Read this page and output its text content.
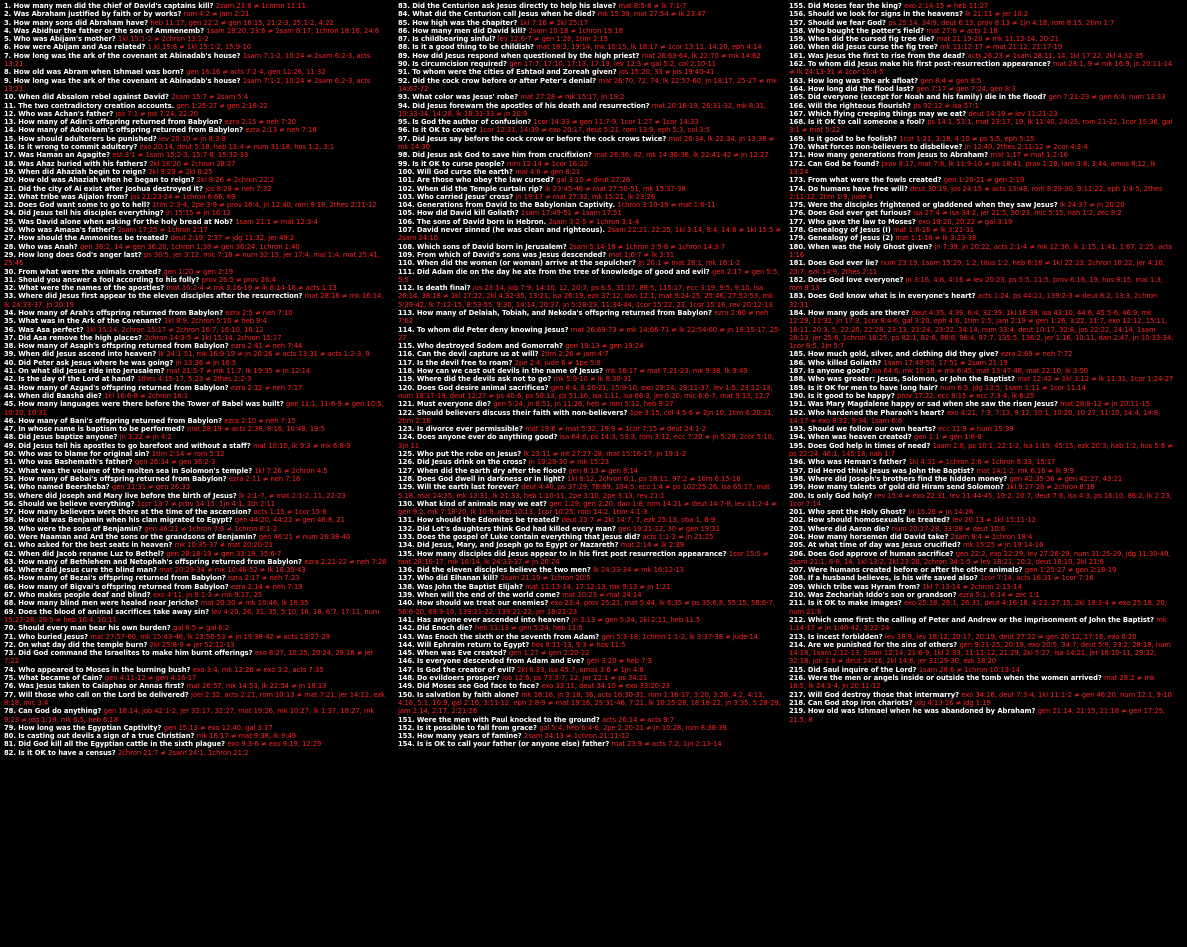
1. How many men did the chief of David's captains kill? 2sam 23:8 ≠ 1chron 11:11
2. Was Abraham justified by faith or by works? rom 4:2 ≠ jam 2:21
3. How many sons did Abraham have? heb 11:17, gen 22:2 ≠ gen 16:15, 21:2-3, 25:1-2, 4:22
4. Was Abidhur the father or the son of Ammenemb? 1sam 28:20, 23:6 ≠ 2sam 8:17, 1chron 18:16, 24:6
5. Who was Abijam's mother? 1kl 15:1-2 ≠ 2chron 13:1-2
6. How were Abijam and Asa related? 1 kl 15:8 ≠ 1kl 15:1-2, 15:9-10
7. How long was the ark of the covenant at Abinadab's house? 1sam 7:1-2, 10:24 ≠ 2sam 6:2-3, acts 13:21
8. How old was Abram when Ishmael was born? gen 16:16 ≠ acts 7:2-4, gen 11:26, 11:32
9. How long was the ark of the covenant at Abinadab's house? 1sam 7:1-2, 10:24 ≠ 2sam 6:2-3, acts 13:21
10. When did Absalom rebel against David? 2sam 15:7 ≠ 2sam 5:4
11. The two contradictory creation accounts. gen 1:25-27 ≠ gen 2:18-22
12. Who was Achan's father? jos 7:1 ≠ jos 7:24, 22:20
13. How many of Adin's offspring returned from Babylon? ezra 2:15 ≠ neh 7:20
14. How many of Adonikam's offspring returned from Babylon? ezra 2:13 ≠ neh 7:18
15. How should adulterers be punished? lev 20:10 ≠ jn 8:3-8
16. Is it wrong to commit adultery? exo 20:14, deut 5:18, heb 13:4 ≠ num 31:18, hos 1:2, 3:1
17. Was Haman an Agagite? est 3:1 ≠ 1sam 15:2-3, 15:7-8, 15:32-33
18. Was Ahaz buried with his fathers? 2kl 16:20 ≠ 2chron 28:27
19. When did Ahaziah begin to reign? 2kl 9:29 ≠ 2kl 8:25
20. How old was Ahaziah when he began to reign? 2kl 8:26 ≠ 2chron 22:2
21. Did the city of Ai exist after Joshua destroyed it? jos 8:28 ≠ neh 7:32
22. What tribe was Aijalon from? jos 21:23-24 ≠ 1chron 6:66, 69
23. Does God want some to go to hell? 1tim 2:3-4, 2pe 3:9 ≠ prov 16:4, jn 12:40, rom 9:18, 2thes 2:11-12
24. Did Jesus tell his disciples everything? jn 15:15 ≠ jn 16:12
25. Was David alone when asking for the holy bread at Nob? 1sam 21:1 ≠ mat 12:3-4
26. Who was Amasa's father? 2sam 17:25 ≠ 1chron 2:17
27. How should the Ammonites be treated? deut 2:19, 2:37 ≠ jdg 11:32, jer 49:2
28. Who was Anah? gen 36:2, 14 ≠ gen 36:20, 1chron 1:38 ≠ gen 36:24, 1chron 1:40
29. How long does God's anger last? ps 30:5, jer 3:12, mic 7:18 ≠ num 32:13, jer 17:4, mal 1:4, mat 25:41, 25:46
30. From what were the animals created? gen 1:20 ≠ gen 2:19
31. Should you answer a fool according to his folly? prov 26:5 ≠ prov 26:4
32. What were the names of the apostles? mat 10:2-4 ≠ mk 3:16-19 ≠ lk 6:14-16 ≠ acts 1:13
33. Where did Jesus first appear to the eleven disciples after the resurrection? mat 28:16 ≠ mk 16:14, lk 24:33-37, jn 20:19
34. How many of Arah's offspring returned from Babylon? ezra 2:5 ≠ neh 7:10
35. What was in the Ark of the Covenant? 1kl 8:9, 2chron 5:10 ≠ heb 9:4
36. Was Asa perfect? 1kl 15:14, 2chron 15:17 ≠ 2chron 16:7, 16:10, 16:12
37. Did Asa remove the high places? 2chron 14:3-5 ≠ 1kl 15:14, 2chron 15:17
38. How many of Asaph's offspring returned from Babylon? ezra 2:41 ≠ neh 7:44
39. When did Jesus ascend into heaven? lk 24:1-51, mk 16:9-19 ≠ jn 20:26 ≠ acts 13:31 ≠ acts 1:2-3, 9
40. Did Peter ask Jesus where he was going? jn 13:36 ≠ jn 16:5
41. On what did Jesus ride into Jerusalem? mat 21:5-7 ≠ mk 11:7, lk 19:35 ≠ jn 12:14
42. Is the day of the Lord at hand? 1thes 4:15-17, 5:23 ≠ 2thes 2:2-3
43. How many of Azgad's offspring returned from Babylon? ezra 2:12 ≠ neh 7:17
44. When did Baasha die? 1kl 16:6-8 ≠ 2chron 16:1
45. How many languages were there before the Tower of Babel was built? gen 11:1, 11:6-9 ≠ gen 10:5, 10:20, 10:31
46. How many of Bani's offspring returned from Babylon? ezra 2:10 ≠ neh 7:15
47. In whose name is baptism to be performed? mat 28:19 ≠ acts 2:38, 8:16, 10:48, 19:5
48. Did Jesus baptize anyone? jn 3:22 ≠ jn 4:2
49. Did Jesus tell his apostles to go barefoot and without a staff? mat 10:10, lk 9:3 ≠ mk 6:8-9
50. Who was to blame for original sin? 1tim 2:14 ≠ rom 5:12
51. Who was Bashemath's father? gen 26:34 ≠ gen 36:2-3
52. What was the volume of the molten sea in Solomon's temple? 1kl 7:26 ≠ 2chron 4:5
53. How many of Bebai's offspring returned from Babylon? ezra 2:11 ≠ neh 7:16
54. Who named Beersheba? gen 21:31 ≠ gen 26:33
55. Where did Joseph and Mary live before the birth of Jesus? lk 2:1-7, ≠ mat 2:1-2, 11, 22-23
56. Should we believe everything? 1cor 13:7 ≠ prov 14:15, 1jn 4:1, 2th 2:11
57. How many believers were there at the time of the ascension? acts 1:15 ≠ 1cor 15:6
58. How old was Benjamin when his clan migrated to Egypt? gen 44:20, 44:22 ≠ gen 46:8, 21
59. Who were the sons of Benjamin? gen 46:21 ≠ 1chron 7:6 ≠ 1chron 8:1-2
60. Were Naaman and Ard the sons or the grandsons of Benjamin? gen 46:21 ≠ num 26:38-40
61. Who asked for the best seats in heaven? mk 10:35-37 ≠ mat 20:20-21
62. When did Jacob rename Luz to Bethel? gen 28:18-19 ≠ gen 33:18, 35:6-7
63. How many of Bethlehem and Netophah's offspring returned from Babylon? ezra 2:21-22 ≠ neh 7:26
64. Where did Jesus cure the blind man? mat 20:29-34 ≠ mk 10:46-52 ≠ lk 18:35-43
65. How many of Bezai's offspring returned from Babylon? ezra 2:17 ≠ neh 7:23
66. How many of Bigvai's offspring returned from Babylon? ezra 2:14 ≠ neh 7:19
67. Who makes people deaf and blind? exo 4:11, jn 9:1-3 ≠ mk 9:17, 25
68. How many blind men were healed near Jericho? mat 20:30 ≠ mk 10:46, lk 18:35
69. Does the blood of animal sacrifices take away sin? lev 4:20, 26, 31, 35, 5:10, 16, 18, 6:7, 17:11, num 15:27-28, 29:5 ≠ heb 10:4, 10:11
70. Should every man bear his own burden? gal 6:5 ≠ gal 6:2
71. Who buried Jesus? mat 27:57-60, mk 15:43-46, lk 23:50-53 ≠ jn 19:38-42 ≠ acts 13:27-29
72. On what day did the temple burn? 2kl 25:8-9 ≠ jer 52:12-13
73. Did God command the Israelites to make him burnt offerings? exo 8:27, 10:25, 20:24, 29:18 ≠ jer 7:22
74. Who appeared to Moses in the burning bush? exo 3:4, mk 12:26 ≠ exo 3:2, acts 7:35
75. What became of Cain? gen 4:11-12 ≠ gen 4:16-17
76. Was Jesus taken to Caiaphas or Annas first? mat 26:57, mk 14:53, lk 22:54 ≠ jn 18:13
77. Will those who call on the Lord be delivered? joel 2:32, acts 2:21, rom 10:13 ≠ mat 7:21, jer 14:12, ezk 8:18, mic 3:4
78. Can God do anything? gen 18:14, job 42:1-2, jer 32:17, 32:27, mat 19:26, mk 10:27, lk 1:37, 18:27, mk 9:23 ≠ jdg 1:19, mk 6:5, heb 6:18
79. How long was the Egyptian Captivity? gen 15:13 ≠ exo 12:40, gal 3:17
80. Is casting out devils a sign of a true Christian? mk 16:17 ≠ mat 9:38, lk 9:49
81. Did God kill all the Egyptian cattle in the sixth plague? exo 9:3-6 ≠ exo 9:19, 12:29
82. Is it OK to have a census? 2chron 21:7 ≠ 2sam 24:1, 1chron 21:2
83. Did the Centurion ask Jesus directly to help his slave? mat 8:5-8 ≠ lk 7:1-7
84. What did the Centurion call Jesus when he died? mk 15:39, mat 27:54 ≠ lk 23:47
85. How high was the chapiter? 1kl 7:16 ≠ 2kl 25:17
86. How many men did David kill? 2sam 10:18 ≠ 1chron 19:18
87. Is childbearing sinful? lev 12:6-7 ≠ gen 1:28, 1tim 2:15
88. Is it a good thing to be childish? mat 18:3, 19:14, mk 10:15, lk 18:17 ≠ 1cor 13:11, 14:20, eph 4:14
89. How did Jesus respond when questioned by the high priest? mat 26:63-64, lk 22:70 ≠ mk 14:62
90. Is circumcision required? gen 17:7, 17:10, 17:13, 17:19, lev 12:3 ≠ gal 5:2, col 2:10-11
91. To whom were the cities of Eshtaol and Zoreah given? jos 15:20, 33 ≠ jos 19:40-41
92. Did the cock crow before or after Peter's denial? mat 26:70, 72, 74, lk 22:57-60, jn 18:17, 25-27 ≠ mk 14:67-72
93. What color was Jesus' robe? mat 27:28 ≠ mk 15:17, jn 19:2
94. Did Jesus forewarn the apostles of his death and resurrection? mat 20:18-19, 26:31-32, mk 8:31, 10:33-34, 14:28, lk 18:31-33 ≠ jn 20:9
95. Is God the author of confusion? 1cor 14:33 ≠ gen 11:7-9, 1cor 1:27 ≠ 1cor 14:33
96. Is it OK to covet? 1cor 12:31, 14:39 ≠ exo 20:17, deut 5:21, rom 13:9, eph 5:3, col 3:5
97. Did Jesus say before the cock crow or before the cock crows twice? mat 26:34, lk 22:34, jn 13:38 ≠ mk 14:30
98. Did Jesus ask God to save him from crucifixion? mat 26:36, 42, mk 14:36-36, lk 22:41-42 ≠ jn 12:27
99. Is it OK to curse people? rom 12:14 ≠ 1cor 16:22
100. Will God curse the earth? mal 4:6 ≠ gen 8:21
101. Are those who obey the law cursed? gal 3:10 ≠ deut 27:26
102. When did the Temple curtain rip? lk 23:45-46 ≠ mat 27:50-51, mk 15:37-38
103. Who carried Jesus' cross? jn 19:17 ≠ mat 27:32, mk 15:21, lk 23:26
104. Generations from David to the Babylonian Captivity. 1chron 3:10-16 ≠ mat 1:6-11
105. How did David kill Goliath? 1sam 17:49-51 ≠ 1sam 17:51
106. The sons of David born in Hebron. 2sam 3:2-5 ≠ 1chron 3:1-4
107. David never sinned (he was clean and righteous). 2sam 22:21, 22:25, 1kl 3:14, 9:4, 14:8 ≠ 1kl 15:5 ≠ 2sam 24:10
108. Which sons of David born in Jerusalem? 2sam 5:14-16 ≠ 1chron 3:5-8 ≠ 1chron 14:3-7
109. From which of David's sons was Jesus descended? mat 1:6-7 ≠ lk 3:31
110. When did the women (or woman) arrive at the sepulcher? jn 20:1 ≠ mat 28:1, mk 16:1-2
111. Did Adam die on the day he ate from the tree of knowledge of good and evil? gen 2:17 ≠ gen 5:5, 5:5
112. Is death final? jos 23:14, job 7:9, 14:10, 12, 20:7, ps 6:5, 31:17, 88:5, 115:17, ecc 3:19, 9:5, 9:10, isa 26:14, 38:18 ≠ 1kl 17:22, 2kl 4:32-35, 13:21, isa 26:19, ezk 37:12, dan 12:1, mat 9:24-25, 25:46, 27:52-53, mk 5:39-42, lk 7:12-15, 8:53-55, 9:30, 14:14, 20:37, jn 5:28-29, 11:34-44, 1cor 15:22, 23, 1cor 15:16, rev 20:12-13
113. How many of Delaiah, Tobiah, and Nekoda's offspring returned from Babylon? ezra 2:60 ≠ neh 7:62
114. To whom did Peter deny knowing Jesus? mat 26:69-73 ≠ mk 14:66-71 ≠ lk 22:54-60 ≠ jn 18:15-17, 25-27
115. Who destroyed Sodom and Gomorrah? gen 19:13 ≠ gen 19:24
116. Can the devil capture us at will? 2tim 2:26 ≠ jam 4:7
117. Is the devil free to roam? 2pe 2:4, jude 6 ≠ 1pe 5:8
118. How can we cast out devils in the name of Jesus? mk 16:17 ≠ mat 7:21-23, mk 9:38, lk 9:49
119. Where did the devils ask not to go? mk 5:9-10 ≠ lk 8:30-31
120. Does God desire animal sacrifices? gen 8:4, 8:20-21, 15:9-10, exo 29:24, 29:11-37, lev 1:5, 23:12-13, num 18:17-19, deut 12:27 ≠ ps 40:6, ps 50:13, ps 51:16, isa 1:11, isa 66:3, jer 6:20, mic 6:6-7, mat 9:13, 12:7
121. Must everyone die? gen 5:24, jn 8:51, jn 11:26, heb ≠ rom 5:12, heb 9:27
122. Should believers discuss their faith with non-believers? 1pe 3:15, col 4:5-6 ≠ 2jn 10, 1tim 6:20-21, 2tim 2:16
123. Is divorce ever permissible? mat 19:6 ≠ mat 5:32, 19:9 ≠ 1cor 7:15 ≠ deut 24:1-2
124. Does anyone ever do anything good? isa 64:6, ps 14:3, 53:3, rom 3:12, ecc 7:20 ≠ jn 5:29, 2cor 5:10, 3jn 11
125. Who put the robe on Jesus? lk 23:11 ≠ mt 27:27-28, mat 15:16-17, jn 19:1-2
126. Did Jesus drink on the cross? jn 19:29-30 ≠ mk 15:23
127. When did the earth dry after the flood? gen 8:13 ≠ gen 8:14
128. Does God dwell in darkness or in light? 1kl 8:12, 2chron 6:1, ps 18:11, 97:2 ≠ 1tim 6:15-16
129. Will the earth last forever? deut 4:40, ps 37:29, 78:69, 104:5, ecc 1:4 ≠ ps 102:25-26, isa 65:17, mat 5:18, mat 24:35, mk 13:31, lk 21:33, heb 1:10-11, 2pe 3:10, 2pe 3:13, rev 21:1
130. What kind of animals may we eat? gen 1:29, gen 2:20, dan 1:8, rom 14:21 ≠ deut 14:7-8, lev 11:2-4 ≠ gen 9:2, mk 7:18-20, lk 10:8, acts 10:13, 1cor 10:25, rom 14:2, 1tim 4:1-3
131. How should the Edomites be treated? deut 23:7 ≠ 2kl 14:7, 7, ezk 25:13, oba 1, 8-9
132. Did Lot's daughters think God had killed every man? gen 19:21-22, 30 ≠ gen 19:31
133. Does the gospel of Luke contain everything that Jesus did? acts 1:1-2 ≠ jn 21:25
134. Did Jesus, Mary, and Joseph go to Egypt or Nazareth? mat 2:14 ≠ lk 2:39
135. How many disciples did Jesus appear to in his first post resurrection appearance? 1cor 15:5 ≠ mat 28:16-17, mk 16:14, lk 24:33-37 ≠ jn 20:24
136. Did the eleven disciples believe the two men? lk 24:33-34 ≠ mk 16:12-13
137. Who did Elhanan kill? 2sam 21:19 ≠ 1chron 20:5
138. Was John the Baptist Elijah? mat 11:13-14, 17:12-13, mk 9:13 ≠ jn 1:21
139. When will the end of the world come? mat 10:23 ≠ mat 24:14
140. How should we treat our enemies? exo 23:4, prov 25:21, mat 5:44, lk 6:35 ≠ ps 35:6,8, 55:15, 58:6-7, 58:6-20, 69:9-10, 139:21-22, 139:21-22, jer 18:21-23
141. Has anyone ever ascended into heaven? jn 3:13 ≠ gen 5:24, 2kl 2:11, heb 11:5
142. Did Enoch die? heb 11:13 ≠ gen 5:24, heb 11:5
143. Was Enoch the sixth or the seventh from Adam? gen 5:3-18, 1chron 1:1-2, lk 3:37-38 ≠ jude 14
144. Will Ephraim return to Egypt? hos 8:11-13, 9:3 ≠ hos 11:5
145. When was Eve created? gen 1:27 ≠ gen 2:20-22
146. Is everyone descended from Adam and Eve? gen 3:20 ≠ heb 7:3
147. Is God the creator of evil? 2kl 6:33, isa 45:7, amos 3:6 ≠ 1jn 4:8
148. Do evildoers prosper? job 12:6, ps 73:3-7, 12, jer 12:1 ≠ ps 34:21
149. Did Moses see God face to face? exo 33:11, deut 34:10 ≠ exo 33:20-23
150. Is salvation by faith alone? mk 16:16, jn 3:18, 36, acts 16:30-31, rom 1:16-17, 3:20, 3:28, 4:2, 4:13, 4:16, 5:1, 10:9, gal 2:16, 3:11-12, eph 2:8-9 ≠ mat 19:16, 25:31-46, 7:21, lk 10:25-28, 18:18-22, jn 3:35, 5:28-29, jam 2:14, 2:17, 2:21-26
151. Were the men with Paul knocked to the ground? acts 26:14 ≠ acts 9:7
152. Is it possible to fall from grace? gal 5:4, heb 6:4-6, 2pe 2:20-21 ≠ jn 10:28, rom 8:38-39
153. How many years of famine? 2sam 24:13 ≠ 1chron 21:11-12
154. Is is OK to call your father (or anyone else) father? mat 23:9 ≠ acts 7:2, 1jn 2:13-14
155. Did Moses fear the king? exo 2:14-15 ≠ heb 11:27
156. Should we look for signs in the heavens? lk 21:11 ≠ jer 10:2
157. Should we fear God? ps 25:14, 34:9, deut 6:13, prov 8:13 ≠ 1jn 4:18, rom 8:15, 2tim 1:7
158. Who bought the potter's field? mat 27:6 ≠ acts 1:18
159. When did the cursed fig tree die? mat 21:19-20 ≠ mk 11:13-14, 20-21
160. When did Jesus curse the fig tree? mk 11:12-17 ≠ mat 21:12, 21:17-19
161. Was Jesus the first to rise from the dead? acts 26:23 ≠ 1sam 28:11, 14, 1kl 17:22, 2kl 4:32-35
162. To whom did Jesus make his first post-resurrection appearance? mat 28:1, 9 ≠ mk 16:9, jn 20:11-14 ≠ lk 24:13-31 ≠ 1cor 15:4-5
163. How long was the ark afloat? gen 8:4 ≠ gen 8:5
164. How long did the flood last? gen 7:17 ≠ gen 7:24, gen 8:3
165. Did everyone (except for Noah and his family) die in the flood? gen 7:21-23 ≠ gen 6:4, num 13:33
166. Will the righteous flourish? ps 92:12 ≠ isa 57:1
167. Which flying creeping things may we eat? deut 14:19 ≠ lev 11:21-23
168. Is it OK to call someone a fool? ps 14:1, 53:1, mat 23:17, 19, lk 11:40, 24:25, rom 21-22, 1cor 15:36, gal 3:1 ≠ mat 5:22
169. Is it good to be foolish? 1cor 1:21, 3:18, 4:10 ≠ ps 5:5, eph 5:15
170. What forces non-believers to disbelieve? jn 12:40, 2thes 2:11-12 ≠ 2cor 4:3-4
171. How many generations from Jesus to Abraham? mat 1:17 ≠ mat 1:2-16
172. Can God be found? prov 8:17, mat 7:8, lk 11:9-10 ≠ ps 18:41, prov 1:28, lam 3:8, 3:44, amos 8:12, lk 13:24
173. From what were the fowls created? gen 1:20-21 ≠ gen 2:19
174. Do humans have free will? deut 30:19, jos 24:15 ≠ acts 13:48, rom 8:29-30, 9:11-22, eph 1:4-5, 2thes 2:11-12, 2tim 1:9, jude 4
175. Were the disciples frightened or gladdened when they saw Jesus? lk 24:37 ≠ jn 20:20
176. Does God ever get furious? isa 27:4 ≠ isa 34:2, jer 21:5, 30:23, mic 5:15, nah 1:2, zec 8:2
177. Who gave the law to Moses? exo 19:20, 20:22 ≠ gal 3:19
178. Genealogy of Jesus (I) mat 1:6-16 ≠ lk 3:21-31
179. Genealogy of Jesus (2) mat 1:1-16 ≠ lk 3:23-38
180. When was the Holy Ghost given? jn 7:39, jn 20:22, acts 2:1-4 ≠ mk 12:36, lk 1:15, 1:41, 1:67, 2:25, acts 1:16
181. Does God ever lie? num 23:19, 1sam 15:29, 1:2, titus 1:2, heb 6:18 ≠ 1kl 22:23, 2chron 18:22, jer 4:10, 20:7, ezk 14:9, 2thes 2:11
182. Does God love everyone? jn 3:16, 4:8, 4:16 ≠ lev 20:23, ps 5:5, 11:5, prov 6:16, 19, hos 9:15, mal 1:3, rom 9:13
183. Does God know what is in everyone's heart? acts 1:24, ps 44:21, 139:2-3 ≠ deut 8:2, 13:3, 2chron 32:31
184. How many gods are there? deut 4:35, 4:39, 6:4, 32:39, 1kl 18:39, isa 43:10, 44:6, 45:5-6, 46:9, mk 12:29, 12:32, jn 17:3, 1cor 8:4-6, gal 3:20, eph 4:6, 1tim 2:5, jam 2:19 ≠ gen 1:26, 3:22, 11:7, exo 12:12, 15:11, 18:11, 20:3, 5, 22:20, 22:28, 23:13, 23:24, 23:32, 34:14, num 33:4, deut 10:17, 32:8, jos 22:22, 24:14, 1sam 28:13, jer 25:6, 1chron 16:25, ps 82:1, 82:6, 86:8, 96:4, 97:7, 135:5, 136:2, jer 1:16, 10:11, dan 2:47, jn 10:33-34, 1cor 8:5, 1jn 5:7
185. How much gold, silver, and clothing did they give? ezra 2:69 ≠ neh 7:72
186. Who killed Goliath? 1sam 17:49-50, 17:51 ≠ 2sam 21:19
187. Is anyone good? isa 64:6, mk 10:18 ≠ mk 6:45, mat 13:47-48, mat 22:10, lk 3:50
188. Who was greater: Jesus, Solomon, or John the Baptist? mat 12:42 ≠ 1kl 3:12 ≠ lk 11:31, 1cor 1:24-27
189. Is it OK for men to have long hair? num 6:5, jdg 13:5, 1sam 1:11 ≠ 1cor 11:14
190. Is it good to be happy? prov 17:22, ecc 8:15 ≠ ecc 7:3-4, lk 6:25
191. Was Mary Magdalene happy or sad when she saw the risen Jesus? mat 28:8-12 ≠ jn 20:11-15
192. Who hardened the Pharaoh's heart? exo 4:21, 7:3, 7:13, 9:12, 10:1, 10:20, 10:27, 11:10, 14:4, 14:8, 14:17 ≠ exo 8:32, 9:34, 1sam 6:6
193. Should we follow our own hearts? ecc 11:9 ≠ num 15:39
194. When was heaven created? gen 1:1 ≠ gen 1:6-8
195. Does God help in times of need? 1sam 2:8, ps 10:1, 22:1-2, isa 1:15, 45:15, ezk 20:3, hab 1:2, hos 5:6 ≠ ps 22:24, 46:1, 145:18, nah 1:7
196. Who was Heman's father? 1kl 4:31 ≠ 1chron 2:6 ≠ 1chron 6:33, 15:17
197. Did Herod think Jesus was John the Baptist? mat 14:1-2, mk 6:16 ≠ lk 9:9
198. Where did Joseph's brothers find the hidden money? gen 42:35-36 ≠ gen 42:27, 43:21
199. How many talents of gold did Hiram send Solomon? 1kl 9:27-28 ≠ 2chron 8:18
200. Is only God holy? rev 15:4 ≠ exo 22:31, lev 11:44-45, 19:2, 20:7, deut 7:6, isa 4:3, ps 16:10, 86:2, lk 2:23, 1cor 7:14
201. Who sent the Holy Ghost? jn 15:26 ≠ jn 14:26
202. How should homosexuals be treated? lev 20:13 ≠ 1kl 15:11-12
203. Where did Aaron die? num 20:27-28, 33:38 ≠ deut 10:6
204. How many horsemen did David take? 2sam 8:4 ≠ 1chron 18:4
205. At what time of day was Jesus crucified? mk 15:25 ≠ jn 19:14-16
206. Does God approve of human sacrifice? gen 22:2, exo 22:29, lev 27:28-29, num 31:25-29, jdg 11:30-40, 2sam 21:1, 8-9, 14, 1kl 13:2, 2kl 23:20, 2chron 34:1-5 ≠ lev 18:21, 20:2, deut 18:10, 2kl 21:6
207. Were humans created before or after the other animals? gen 1:25-27 ≠ gen 2:18-19
208. If a husband believes, is his wife saved also? 1cor 7:14, acts 16:31 ≠ 1cor 7:16
209. Which tribe was Hyram from? 1kl 7:13-14 ≠ 2chron 2:13-14
210. Was Zechariah Iddo's son or grandson? ezra 5:1, 6:14 ≠ zec 1:1
211. Is it OK to make images? exo 25:18, 26:1, 26:31, deut 4:16-18, 4:23, 27:15, 2kl 18:3-4 ≠ exo 25:18, 20, num 21:8
212. Which came first: the calling of Peter and Andrew or the imprisonment of John the Baptist? mk 1:14-17 ≠ jn 1:40-42, 3:22-24
213. Is incest forbidden? lev 18:9, lev 18:12, 20:17, 20:19, deut 27:22 ≠ gen 20:12, 17:16, exo 6:20
214. Are we punished for the sins of others? gen 9:21-25, 20:18, exo 20:5, 34:7, deut 5:9, 23:2, 28:18, num 14:18, 1sam 2:12-13, 2sam 12:14, 21:6-9, 1kl 2:33, 11:11-12, 21:29, 2kl 5:27, isa 14:21, jer 16:10-11, 29:32, 32:18, jon 1:8 ≠ deut 24:16, 2kl 14:6, jer 31:29-30, ezk 18:20
215. Did Saul inquire of the Lord? 1sam 28:6 ≠ 1chron 10:13-14
216. Were the men or angels inside or outside the tomb when the women arrived? mat 28:2 ≠ mk 16:5, lk 24:3-4, jn 20:11-12
217. Will God destroy those that intermarry? exo 34:16, deut 7:3-4, 1kl 11:1-2 ≠ gen 46:20, num 12:1, 9-10
218. Can God stop iron chariots? jdg 4:13-16 ≠ jdg 1:19
219. How old was Ishmael when he was abandoned by Abraham? gen 21:14, 21:15, 21:18 ≠ gen 17:25, 21:5, 8
